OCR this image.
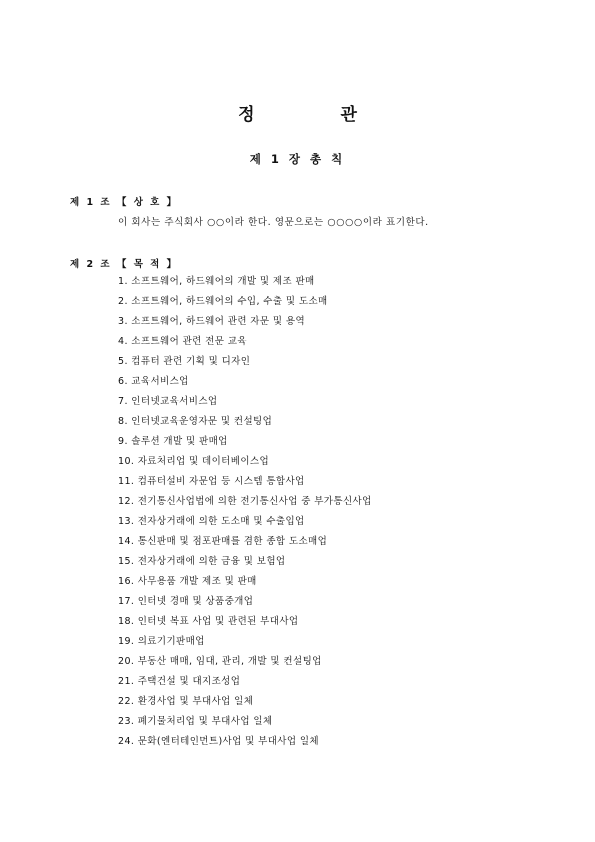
정 관
제 1 장 총 칙
제 1 조 【 상 호 】
이 회사는 주식회사 ○○이라 한다. 영문으로는 ○○○○이라 표기한다.
제 2 조 【 목 적 】
1. 소프트웨어, 하드웨어의 개발 및 제조 판매
2. 소프트웨어, 하드웨어의 수입, 수출 및 도소매
3. 소프트웨어, 하드웨어 관련 자문 및 용역
4. 소프트웨어 관련 전문 교육
5. 컴퓨터 관련 기획 및 디자인
6. 교육서비스업
7. 인터넷교육서비스업
8. 인터넷교육운영자문 및 컨설팅업
9. 솔루션 개발 및 판매업
10. 자료처리업 및 데이터베이스업
11. 컴퓨터설비 자문업 등 시스템 통합사업
12. 전기통신사업법에 의한 전기통신사업 중 부가통신사업
13. 전자상거래에 의한 도소매 및 수출입업
14. 통신판매 및 점포판매를 겸한 종합 도소매업
15. 전자상거래에 의한 금융 및 보험업
16. 사무용품 개발 제조 및 판매
17. 인터넷 경매 및 상품중개업
18. 인터넷 복표 사업 및 관련된 부대사업
19. 의료기기판매업
20. 부동산 매매, 임대, 관리, 개발 및 컨설팅업
21. 주택건설 및 대지조성업
22. 환경사업 및 부대사업 일체
23. 폐기물처리업 및 부대사업 일체
24. 문화(엔터테인먼트)사업 및 부대사업 일체
